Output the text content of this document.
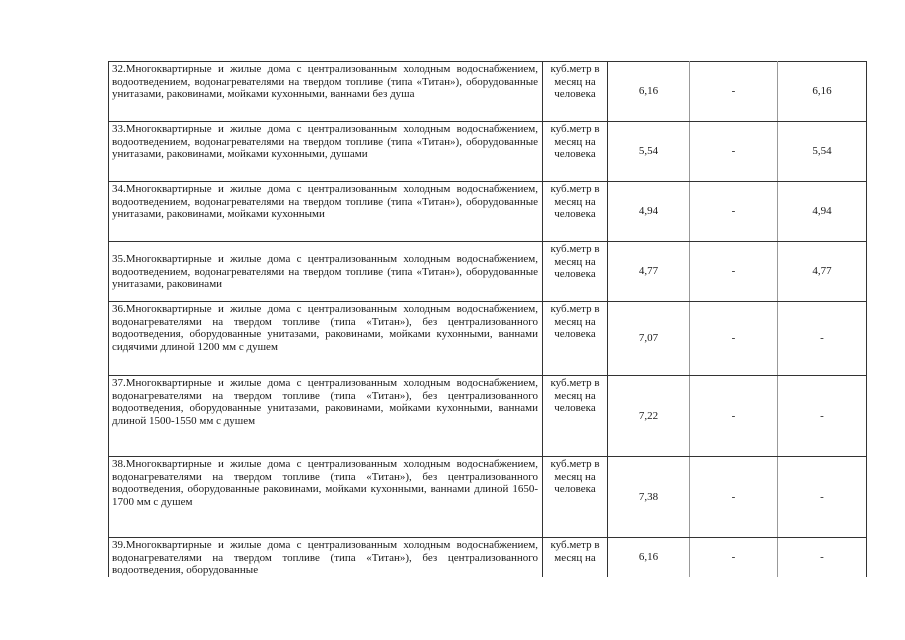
32.Многоквартирные и жилые дома с централизованным холодным водоснабжением, водоотведением, водонагревателями на твердом топливе (типа «Титан»), оборудованные унитазами, раковинами, мойками кухонными, ваннами без душа	куб.метр в месяц на человека	6,16	-	6,16
33.Многоквартирные и жилые дома с централизованным холодным водоснабжением, водоотведением, водонагревателями на твердом топливе (типа «Титан»), оборудованные унитазами, раковинами, мойками кухонными, душами	куб.метр в месяц на человека	5,54	-	5,54
34.Многоквартирные и жилые дома с централизованным холодным водоснабжением, водоотведением, водонагревателями на твердом топливе (типа «Титан»), оборудованные унитазами, раковинами, мойками кухонными	куб.метр в месяц на человека	4,94	-	4,94
35.Многоквартирные и жилые дома с централизованным холодным водоснабжением, водоотведением, водонагревателями на твердом топливе (типа «Титан»), оборудованные унитазами, раковинами	куб.метр в месяц на человека	4,77	-	4,77
36.Многоквартирные и жилые дома с централизованным холодным водоснабжением, водонагревателями на твердом топливе (типа «Титан»), без централизованного водоотведения, оборудованные унитазами, раковинами, мойками кухонными, ваннами сидячими длиной 1200 мм с душем	куб.метр в месяц на человека	7,07	-	-
37.Многоквартирные и жилые дома с централизованным холодным водоснабжением, водонагревателями на твердом топливе (типа «Титан»), без централизованного водоотведения, оборудованные унитазами, раковинами, мойками кухонными, ваннами длиной 1500-1550 мм с душем	куб.метр в месяц на человека	7,22	-	-
38.Многоквартирные и жилые дома с централизованным холодным водоснабжением, водонагревателями на твердом топливе (типа «Титан»), без централизованного водоотведения, оборудованные раковинами, мойками кухонными, ваннами длиной 1650-1700 мм с душем	куб.метр в месяц на человека	7,38	-	-
39.Многоквартирные и жилые дома с централизованным холодным водоснабжением, водонагревателями на твердом топливе (типа «Титан»), без централизованного водоотведения, оборудованные	куб.метр в месяц на	6,16	-	-
